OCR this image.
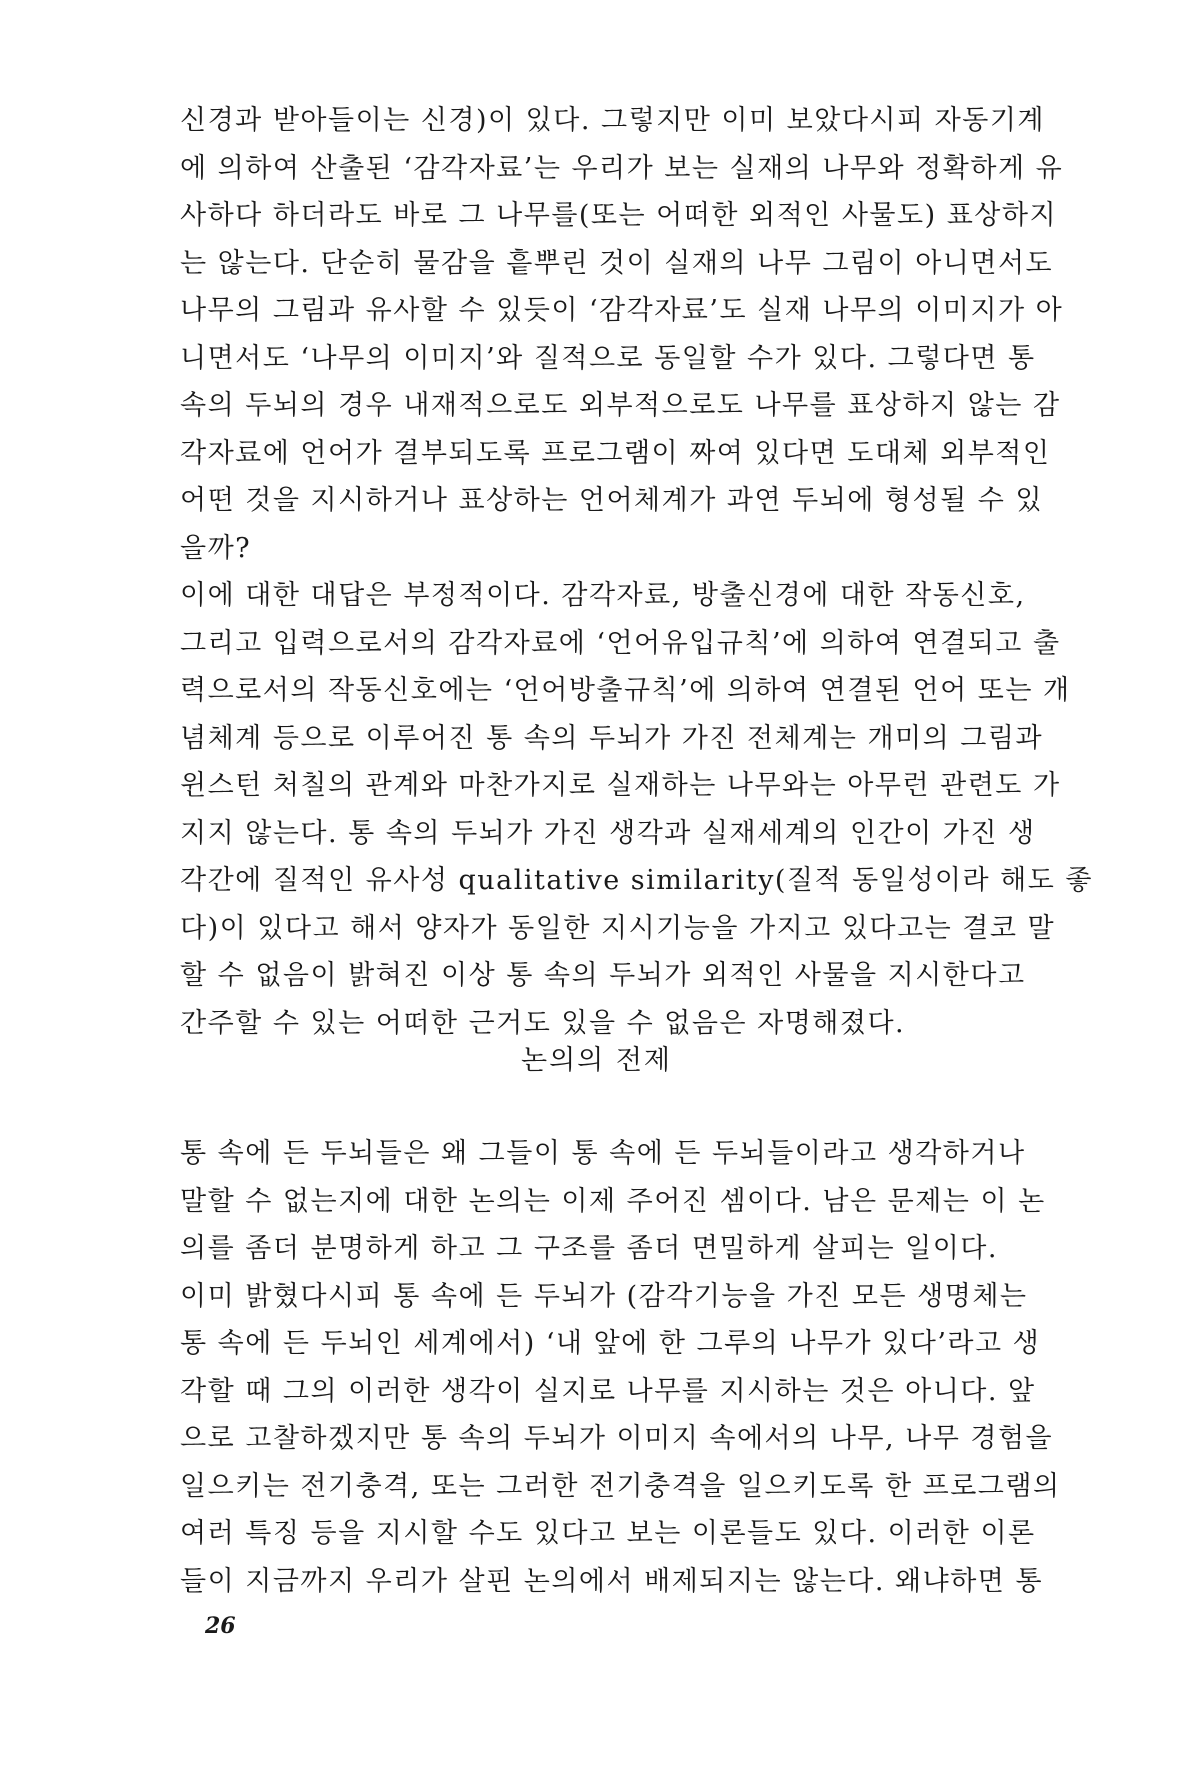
신경과 받아들이는 신경)이 있다. 그렇지만 이미 보았다시피 자동기계
에 의하여 산출된 ‘감각자료’는 우리가 보는 실재의 나무와 정확하게 유
사하다 하더라도 바로 그 나무를(또는 어떠한 외적인 사물도) 표상하지
는 않는다. 단순히 물감을 흩뿌린 것이 실재의 나무 그림이 아니면서도
나무의 그림과 유사할 수 있듯이 ‘감각자료’도 실재 나무의 이미지가 아
니면서도 ‘나무의 이미지’와 질적으로 동일할 수가 있다. 그렇다면 통
속의 두뇌의 경우 내재적으로도 외부적으로도 나무를 표상하지 않는 감
각자료에 언어가 결부되도록 프로그램이 짜여 있다면 도대체 외부적인
어떤 것을 지시하거나 표상하는 언어체계가 과연 두뇌에 형성될 수 있
을까?
이에 대한 대답은 부정적이다. 감각자료, 방출신경에 대한 작동신호,
그리고 입력으로서의 감각자료에 ‘언어유입규칙’에 의하여 연결되고 출
력으로서의 작동신호에는 ‘언어방출규칙’에 의하여 연결된 언어 또는 개
념체계 등으로 이루어진 통 속의 두뇌가 가진 전체계는 개미의 그림과
윈스턴 처칠의 관계와 마찬가지로 실재하는 나무와는 아무런 관련도 가
지지 않는다. 통 속의 두뇌가 가진 생각과 실재세계의 인간이 가진 생
각간에 질적인 유사성 qualitative similarity(질적 동일성이라 해도 좋
다)이 있다고 해서 양자가 동일한 지시기능을 가지고 있다고는 결코 말
할 수 없음이 밝혀진 이상 통 속의 두뇌가 외적인 사물을 지시한다고
간주할 수 있는 어떠한 근거도 있을 수 없음은 자명해졌다.
논의의 전제
통 속에 든 두뇌들은 왜 그들이 통 속에 든 두뇌들이라고 생각하거나
말할 수 없는지에 대한 논의는 이제 주어진 셈이다. 남은 문제는 이 논
의를 좀더 분명하게 하고 그 구조를 좀더 면밀하게 살피는 일이다.
이미 밝혔다시피 통 속에 든 두뇌가 (감각기능을 가진 모든 생명체는
통 속에 든 두뇌인 세계에서) ‘내 앞에 한 그루의 나무가 있다’라고 생
각할 때 그의 이러한 생각이 실지로 나무를 지시하는 것은 아니다. 앞
으로 고찰하겠지만 통 속의 두뇌가 이미지 속에서의 나무, 나무 경험을
일으키는 전기충격, 또는 그러한 전기충격을 일으키도록 한 프로그램의
여러 특징 등을 지시할 수도 있다고 보는 이론들도 있다. 이러한 이론
들이 지금까지 우리가 살핀 논의에서 배제되지는 않는다. 왜냐하면 통
26
